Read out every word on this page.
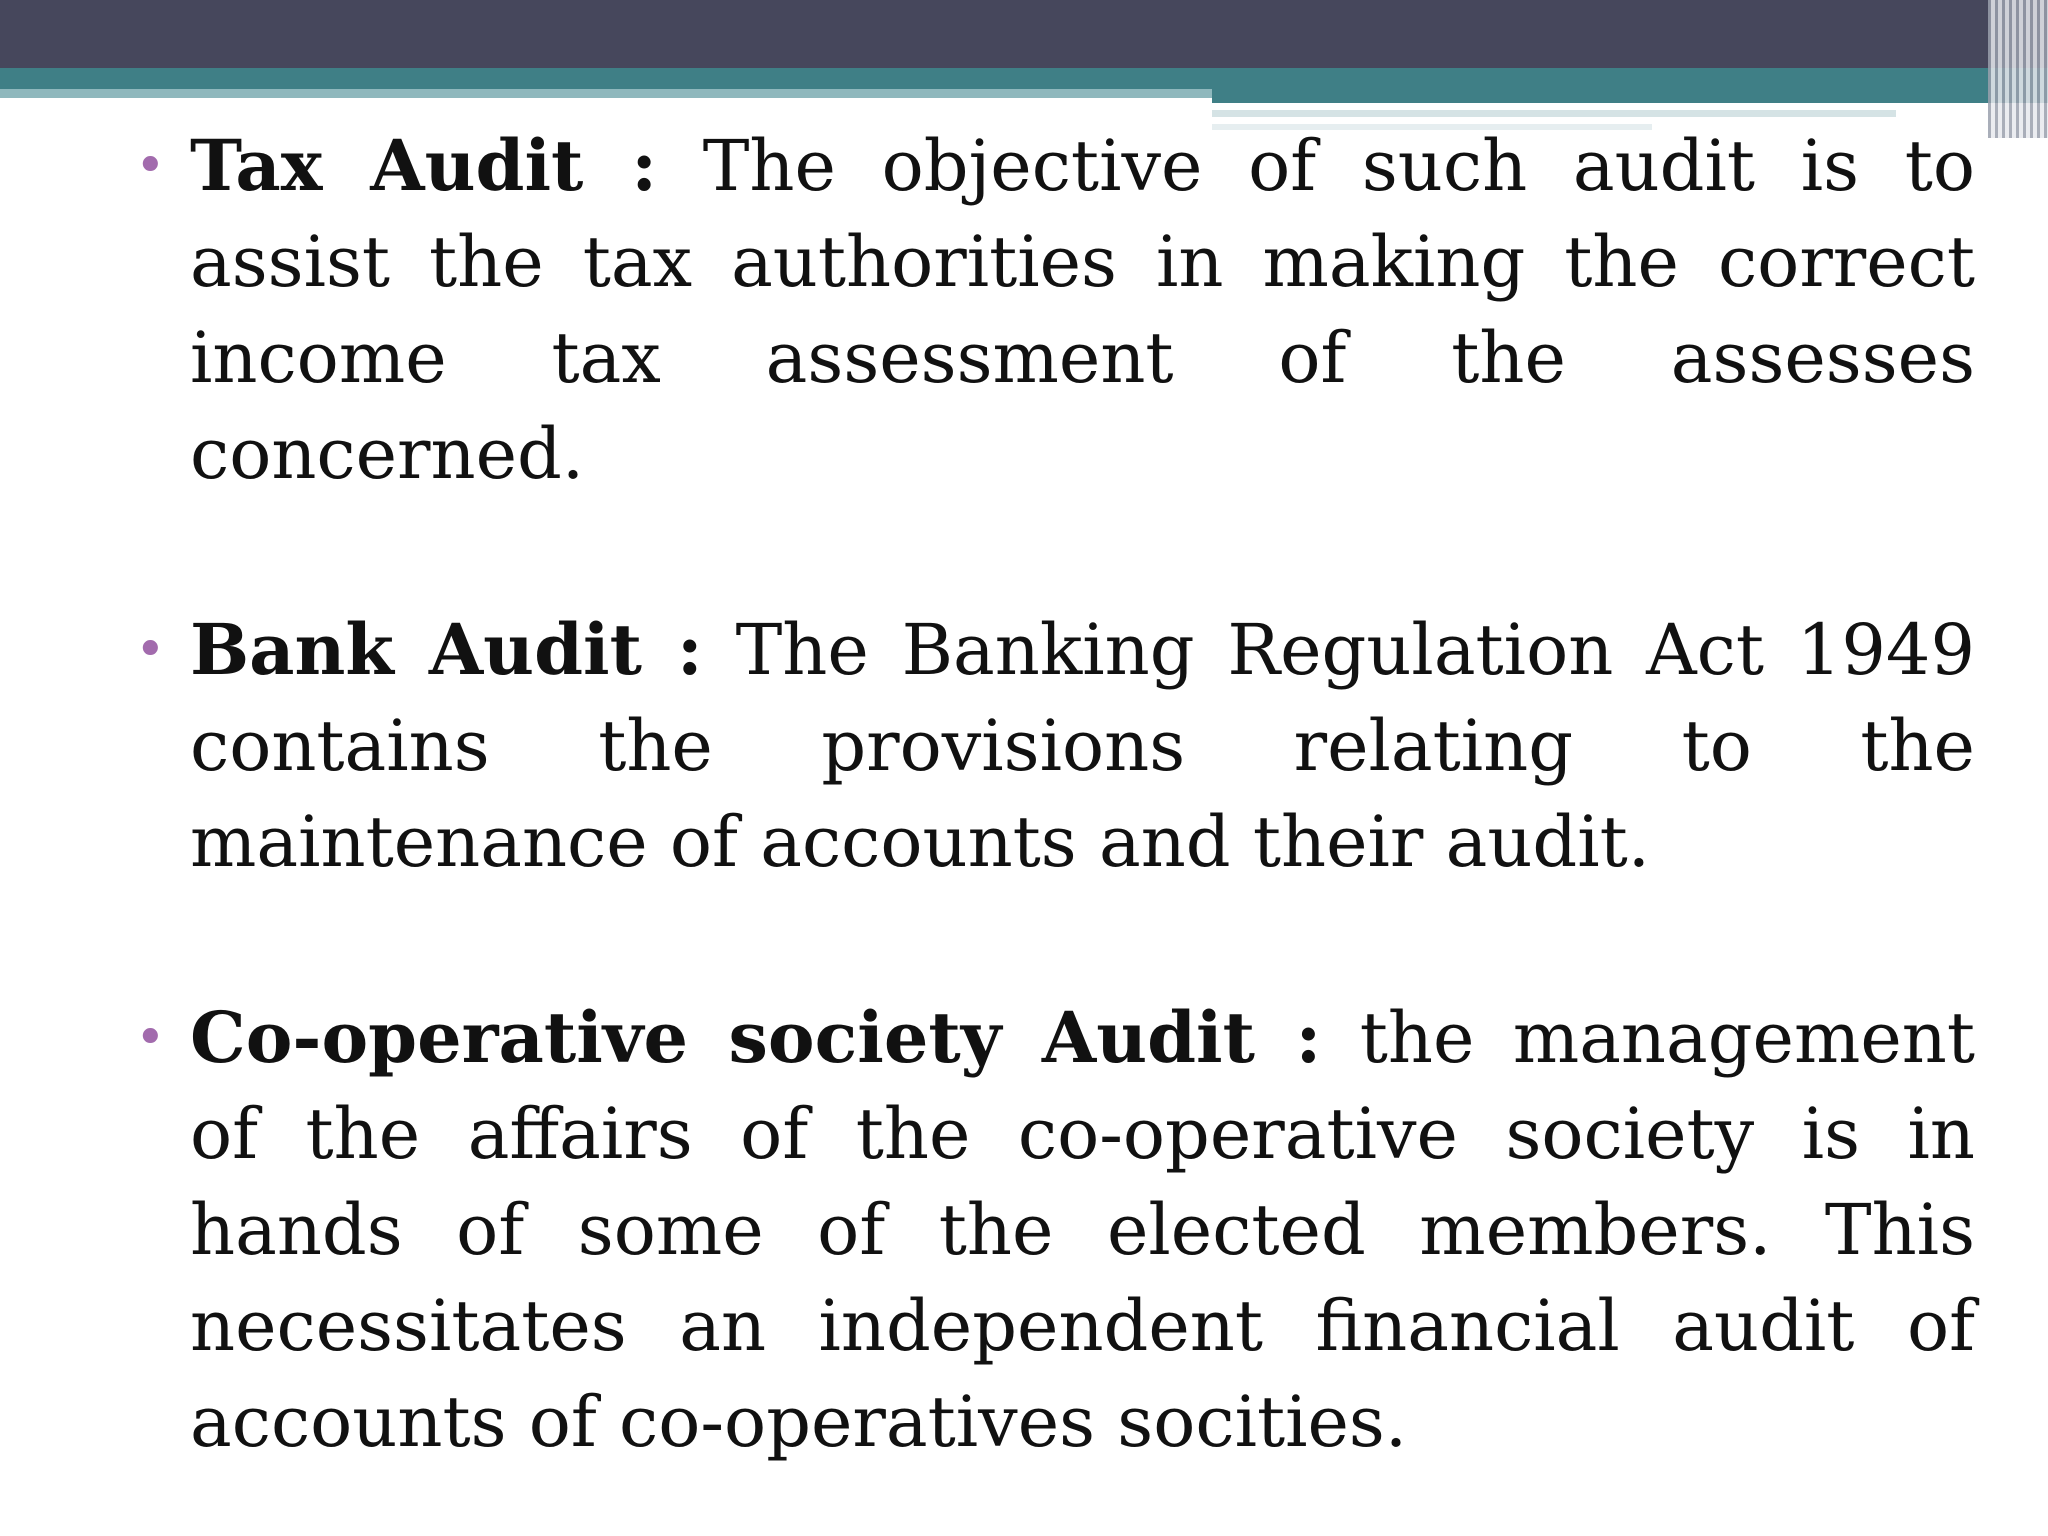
• Tax Audit : The objective of such audit is to assist the tax authorities in making the correct income tax assessment of the assesses concerned.
• Bank Audit : The Banking Regulation Act 1949 contains the provisions relating to the maintenance of accounts and their audit.
• Co-operative society Audit : the management of the affairs of the co-operative society is in hands of some of the elected members. This necessitates an independent financial audit of accounts of co-operatives socities.
